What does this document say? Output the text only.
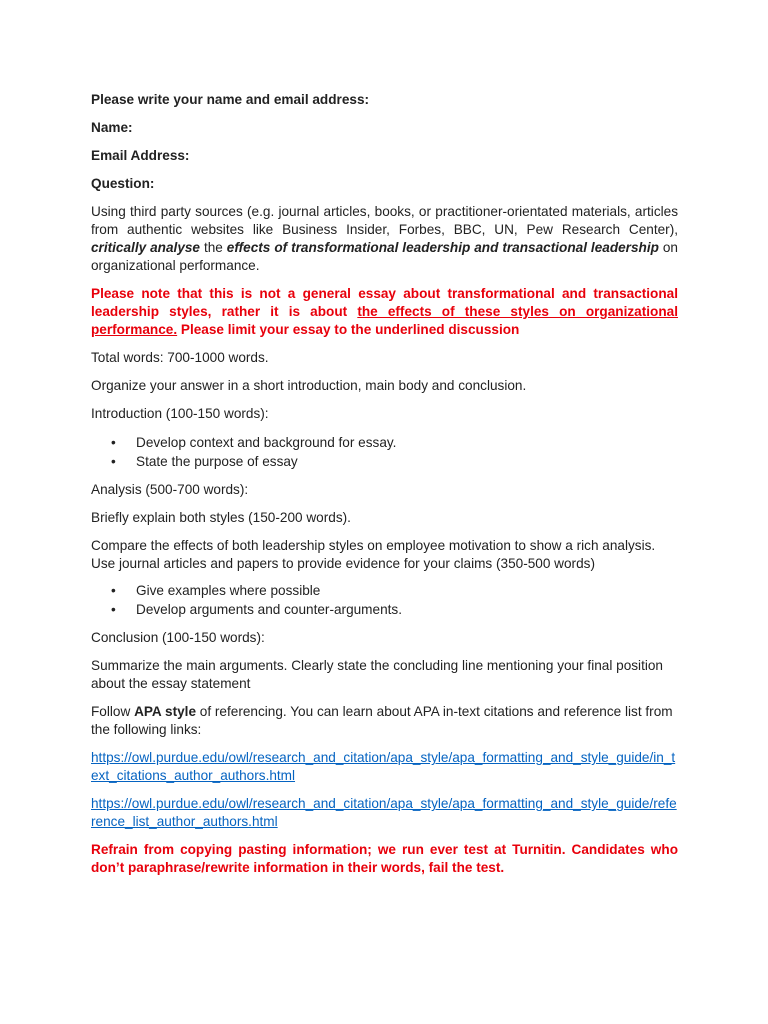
Please write your name and email address:

Name:

Email Address:

Question:

Using third party sources (e.g. journal articles, books, or practitioner-orientated materials, articles from authentic websites like Business Insider, Forbes, BBC, UN, Pew Research Center), critically analyse the effects of transformational leadership and transactional leadership on organizational performance.

Please note that this is not a general essay about transformational and transactional leadership styles, rather it is about the effects of these styles on organizational performance. Please limit your essay to the underlined discussion

Total words: 700-1000 words.

Organize your answer in a short introduction, main body and conclusion.

Introduction (100-150 words):

• Develop context and background for essay.
• State the purpose of essay

Analysis (500-700 words):

Briefly explain both styles (150-200 words).

Compare the effects of both leadership styles on employee motivation to show a rich analysis. Use journal articles and papers to provide evidence for your claims (350-500 words)

• Give examples where possible
• Develop arguments and counter-arguments.

Conclusion (100-150 words):

Summarize the main arguments. Clearly state the concluding line mentioning your final position about the essay statement

Follow APA style of referencing. You can learn about APA in-text citations and reference list from the following links:

https://owl.purdue.edu/owl/research_and_citation/apa_style/apa_formatting_and_style_guide/in_text_citations_author_authors.html

https://owl.purdue.edu/owl/research_and_citation/apa_style/apa_formatting_and_style_guide/reference_list_author_authors.html

Refrain from copying pasting information; we run ever test at Turnitin. Candidates who don’t paraphrase/rewrite information in their words, fail the test.
